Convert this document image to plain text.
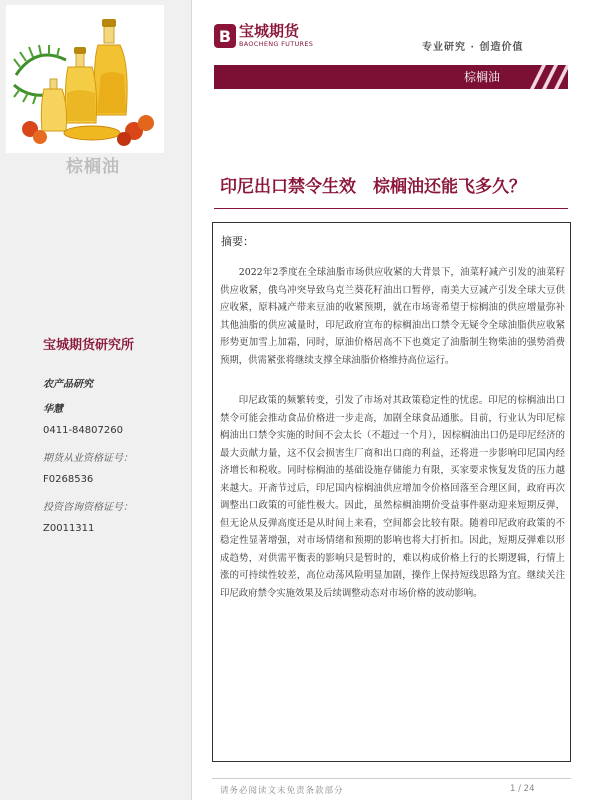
棕榈油
宝城期货研究所
农产品研究
华慧
0411-84807260
期货从业资格证号：
F0268536
投资咨询资格证号：
Z0011311
B 宝城期货
BAOCHENG FUTURES	专业研究 · 创造价值
棕榈油
印尼出口禁令生效　棕榈油还能飞多久？
摘要：

2022年2季度在全球油脂市场供应收紧的大背景下，油菜籽减产引发的油菜籽供应收紧，俄乌冲突导致乌克兰葵花籽油出口暂停，南美大豆减产引发全球大豆供应收紧，原料减产带来豆油的收紧预期，就在市场寄希望于棕榈油的供应增量弥补其他油脂的供应减量时，印尼政府宣布的棕榈油出口禁令无疑令全球油脂供应收紧形势更加雪上加霜，同时，原油价格居高不下也奠定了油脂制生物柴油的强势消费预期，供需紧张将继续支撑全球油脂价格维持高位运行。

印尼政策的频繁转变，引发了市场对其政策稳定性的忧虑。印尼的棕榈油出口禁令可能会推动食品价格进一步走高，加剧全球食品通胀。目前，行业认为印尼棕榈油出口禁令实施的时间不会太长（不超过一个月），因棕榈油出口仍是印尼经济的最大贡献力量，这不仅会损害生厂商和出口商的利益，还将进一步影响印尼国内经济增长和税收。同时棕榈油的基础设施存储能力有限，买家要求恢复发货的压力越来越大。开斋节过后，印尼国内棕榈油供应增加令价格回落至合理区间，政府再次调整出口政策的可能性极大。因此，虽然棕榈油期价受益事件驱动迎来短期反弹，但无论从反弹高度还是从时间上来看，空间都会比较有限。随着印尼政府政策的不稳定性显著增强，对市场情绪和预期的影响也将大打折扣。因此，短期反弹难以形成趋势，对供需平衡表的影响只是暂时的，难以构成价格上行的长期逻辑，行情上涨的可持续性较差，高位动荡风险明显加剧，操作上保持短线思路为宜。继续关注印尼政府禁令实施效果及后续调整动态对市场价格的波动影响。

请务必阅读文末免责条款部分	1 / 24
